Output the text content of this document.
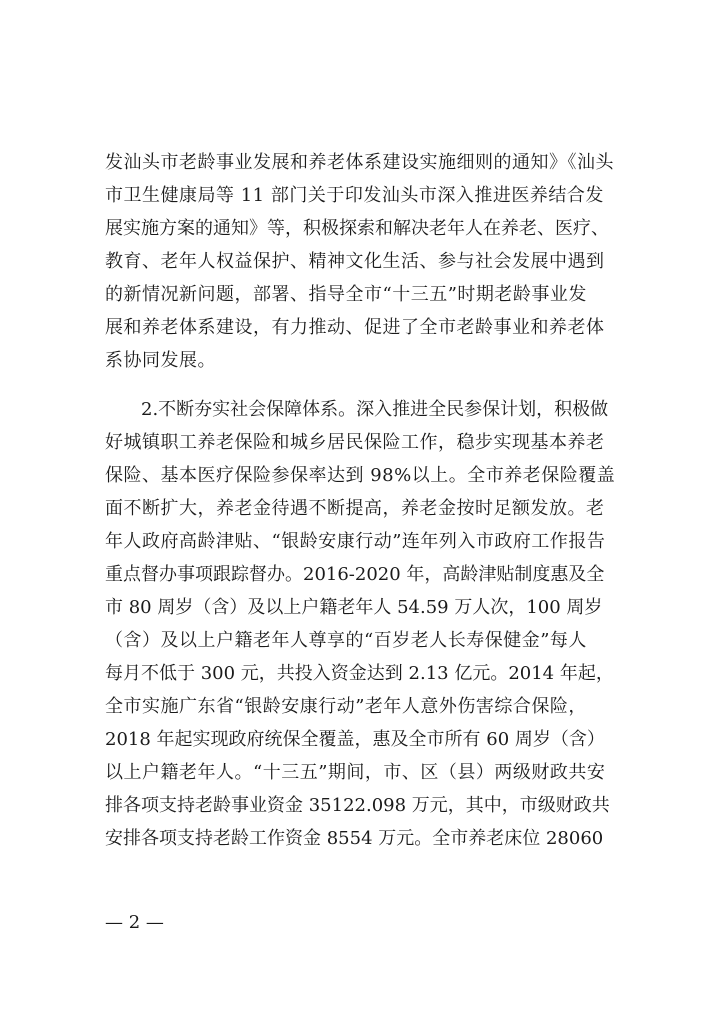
发汕头市老龄事业发展和养老体系建设实施细则的通知》《汕头
市卫生健康局等 11 部门关于印发汕头市深入推进医养结合发
展实施方案的通知》等，积极探索和解决老年人在养老、医疗、
教育、老年人权益保护、精神文化生活、参与社会发展中遇到
的新情况新问题，部署、指导全市“十三五”时期老龄事业发
展和养老体系建设，有力推动、促进了全市老龄事业和养老体
系协同发展。
　　2.不断夯实社会保障体系。深入推进全民参保计划，积极做
好城镇职工养老保险和城乡居民保险工作，稳步实现基本养老
保险、基本医疗保险参保率达到 98%以上。全市养老保险覆盖
面不断扩大，养老金待遇不断提高，养老金按时足额发放。老
年人政府高龄津贴、“银龄安康行动”连年列入市政府工作报告
重点督办事项跟踪督办。2016-2020 年，高龄津贴制度惠及全
市 80 周岁（含）及以上户籍老年人 54.59 万人次，100 周岁
（含）及以上户籍老年人尊享的“百岁老人长寿保健金”每人
每月不低于 300 元，共投入资金达到 2.13 亿元。2014 年起，
全市实施广东省“银龄安康行动”老年人意外伤害综合保险，
2018 年起实现政府统保全覆盖，惠及全市所有 60 周岁（含）
以上户籍老年人。“十三五”期间，市、区（县）两级财政共安
排各项支持老龄事业资金 35122.098 万元，其中，市级财政共
安排各项支持老龄工作资金 8554 万元。全市养老床位 28060
— 2 —
